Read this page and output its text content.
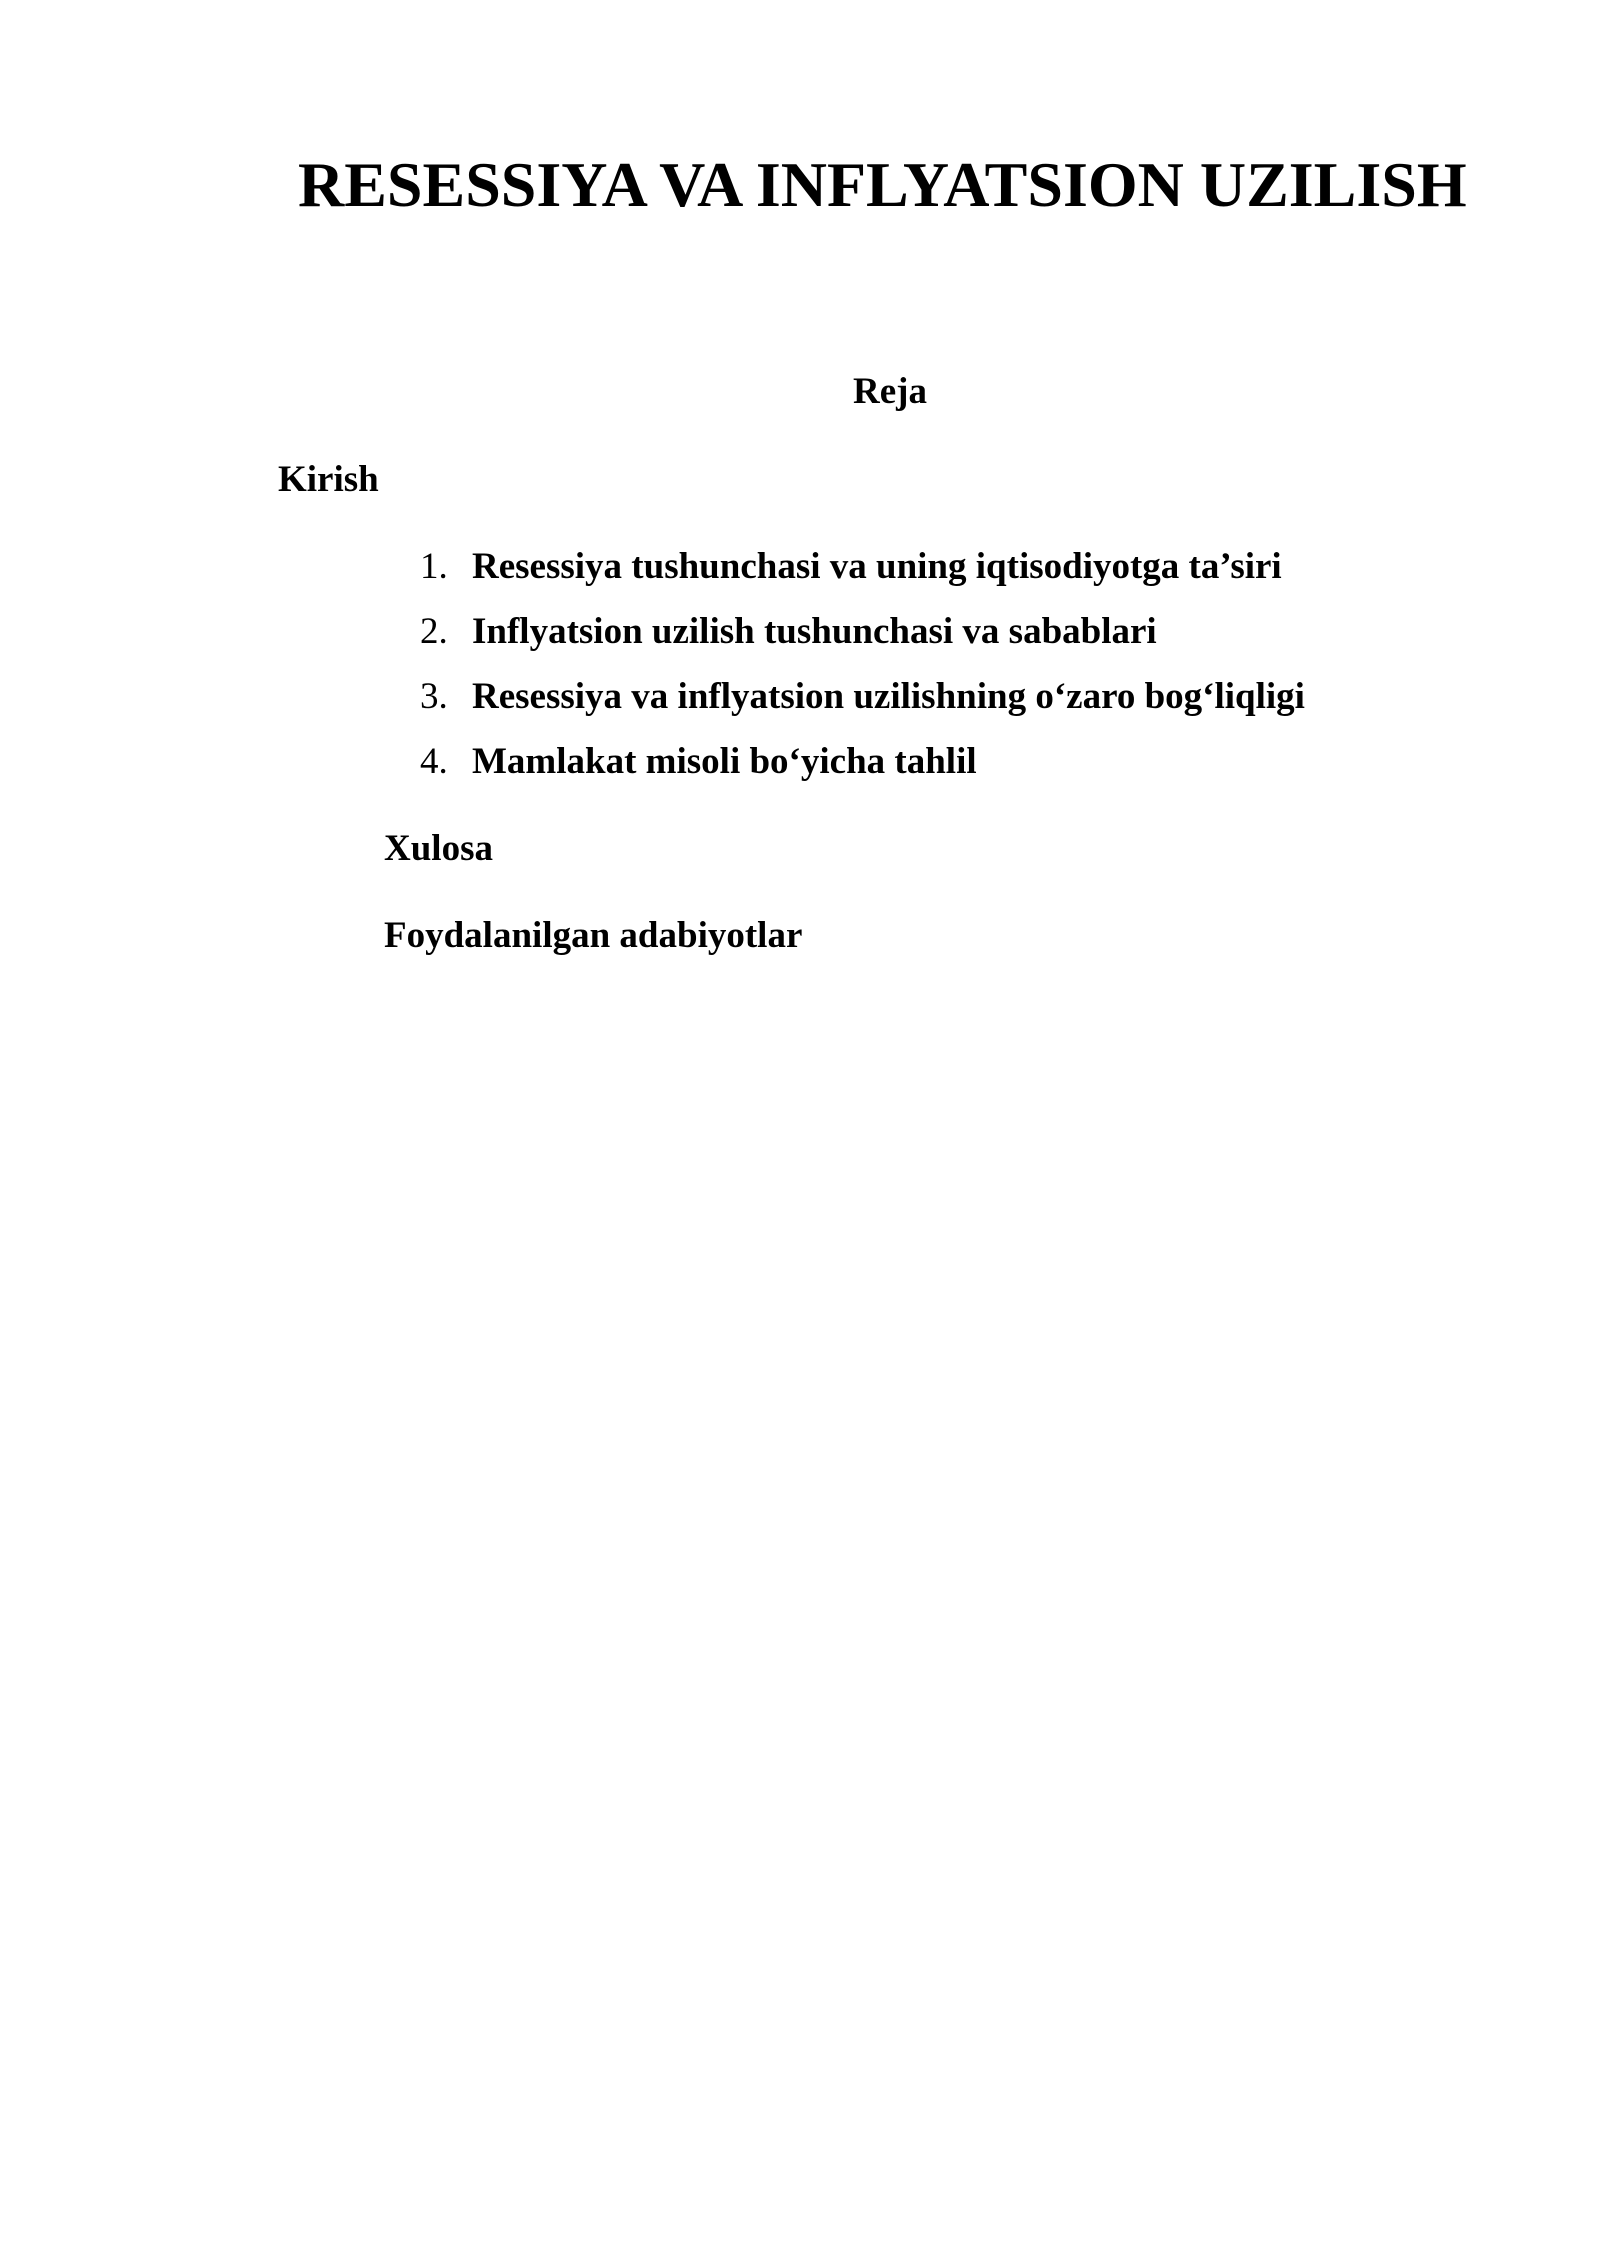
RESESSIYA VA INFLYATSION UZILISH
Reja
Kirish
1. Resessiya tushunchasi va uning iqtisodiyotga ta’siri
2. Inflyatsion uzilish tushunchasi va sabablari
3. Resessiya va inflyatsion uzilishning o‘zaro bog‘liqligi
4. Mamlakat misoli bo‘yicha tahlil
Xulosa
Foydalanilgan adabiyotlar
